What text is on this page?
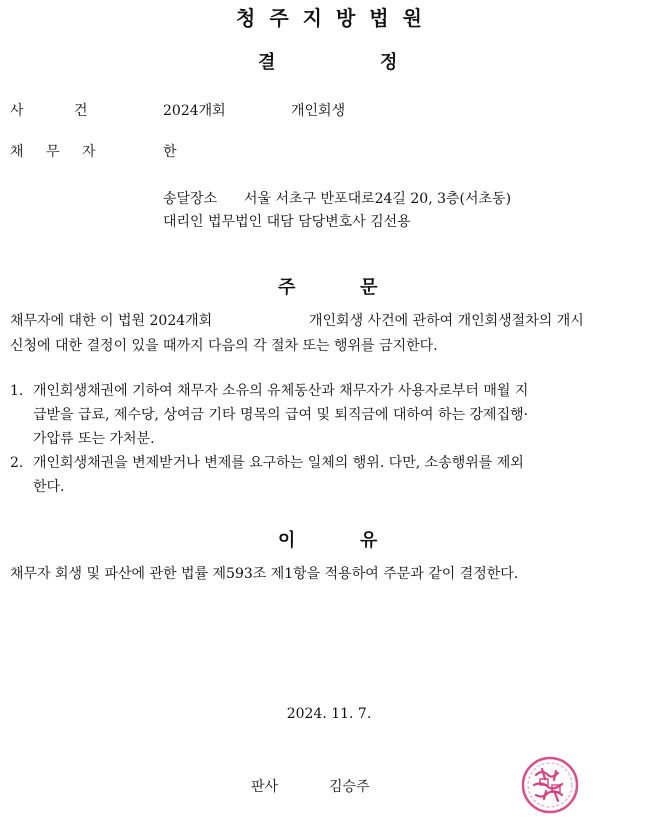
청주지방법원
결	정
사 건	2024개회	개인회생
채 무 자	한
송달장소 서울 서초구 반포대로24길 20, 3층(서초동)
대리인 법무법인 대담 담당변호사 김선용
주	문
채무자에 대한 이 법원 2024개회	개인회생 사건에 관하여 개인회생절차의 개시
신청에 대한 결정이 있을 때까지 다음의 각 절차 또는 행위를 금지한다.
1. 개인회생채권에 기하여 채무자 소유의 유체동산과 채무자가 사용자로부터 매월 지
급받을 급료, 제수당, 상여금 기타 명목의 급여 및 퇴직금에 대하여 하는 강제집행·
가압류 또는 가처분.
2. 개인회생채권을 변제받거나 변제를 요구하는 일체의 행위. 다만, 소송행위를 제외
한다.
이	유
채무자 회생 및 파산에 관한 법률 제593조 제1항을 적용하여 주문과 같이 결정한다.
2024. 11. 7.
판사	김승주
